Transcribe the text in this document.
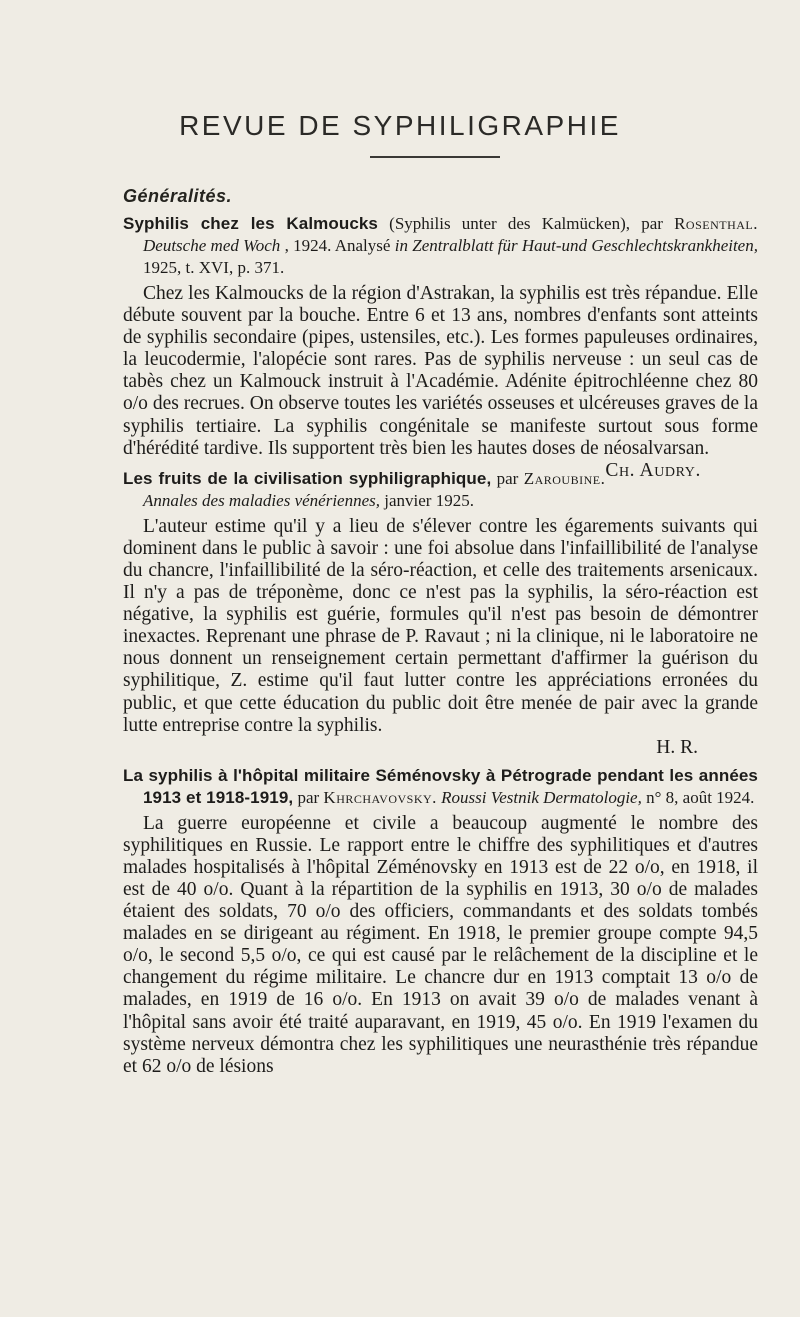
REVUE DE SYPHILIGRAPHIE
Généralités.

Syphilis chez les Kalmoucks (Syphilis unter des Kalmücken), par Rosenthal. Deutsche med Woch , 1924. Analysé in Zentralblatt für Haut-und Geschlechtskrankheiten, 1925, t. XVI, p. 371.

Chez les Kalmoucks de la région d'Astrakan, la syphilis est très répandue. Elle débute souvent par la bouche. Entre 6 et 13 ans, nombres d'enfants sont atteints de syphilis secondaire (pipes, ustensiles, etc.). Les formes papuleuses ordinaires, la leucodermie, l'alopécie sont rares. Pas de syphilis nerveuse : un seul cas de tabès chez un Kalmouck instruit à l'Académie. Adénite épitrochléenne chez 80 o/o des recrues. On observe toutes les variétés osseuses et ulcéreuses graves de la syphilis tertiaire. La syphilis congénitale se manifeste surtout sous forme d'hérédité tardive. Ils supportent très bien les hautes doses de néosalvarsan.
Ch. Audry.

Les fruits de la civilisation syphiligraphique, par Zaroubine. Annales des maladies vénériennes, janvier 1925.

L'auteur estime qu'il y a lieu de s'élever contre les égarements suivants qui dominent dans le public à savoir : une foi absolue dans l'infaillibilité de l'analyse du chancre, l'infaillibilité de la séro-réaction, et celle des traitements arsenicaux. Il n'y a pas de tréponème, donc ce n'est pas la syphilis, la séro-réaction est négative, la syphilis est guérie, formules qu'il n'est pas besoin de démontrer inexactes. Reprenant une phrase de P. Ravaut ; ni la clinique, ni le laboratoire ne nous donnent un renseignement certain permettant d'affirmer la guérison du syphilitique, Z. estime qu'il faut lutter contre les appréciations erronées du public, et que cette éducation du public doit être menée de pair avec la grande lutte entreprise contre la syphilis.

H. R.

La syphilis à l'hôpital militaire Séménovsky à Pétrograde pendant les années 1913 et 1918-1919, par Khrchavovsky. Roussi Vestnik Dermatologie, n° 8, août 1924.

La guerre européenne et civile a beaucoup augmenté le nombre des syphilitiques en Russie. Le rapport entre le chiffre des syphilitiques et d'autres malades hospitalisés à l'hôpital Zéménovsky en 1913 est de 22 o/o, en 1918, il est de 40 o/o. Quant à la répartition de la syphilis en 1913, 30 o/o de malades étaient des soldats, 70 o/o des officiers, commandants et des soldats tombés malades en se dirigeant au régiment. En 1918, le premier groupe compte 94,5 o/o, le second 5,5 o/o, ce qui est causé par le relâchement de la discipline et le changement du régime militaire. Le chancre dur en 1913 comptait 13 o/o de malades, en 1919 de 16 o/o. En 1913 on avait 39 o/o de malades venant à l'hôpital sans avoir été traité auparavant, en 1919, 45 o/o. En 1919 l'examen du système nerveux démontra chez les syphilitiques une neurasthénie très répandue et 62 o/o de lésions
